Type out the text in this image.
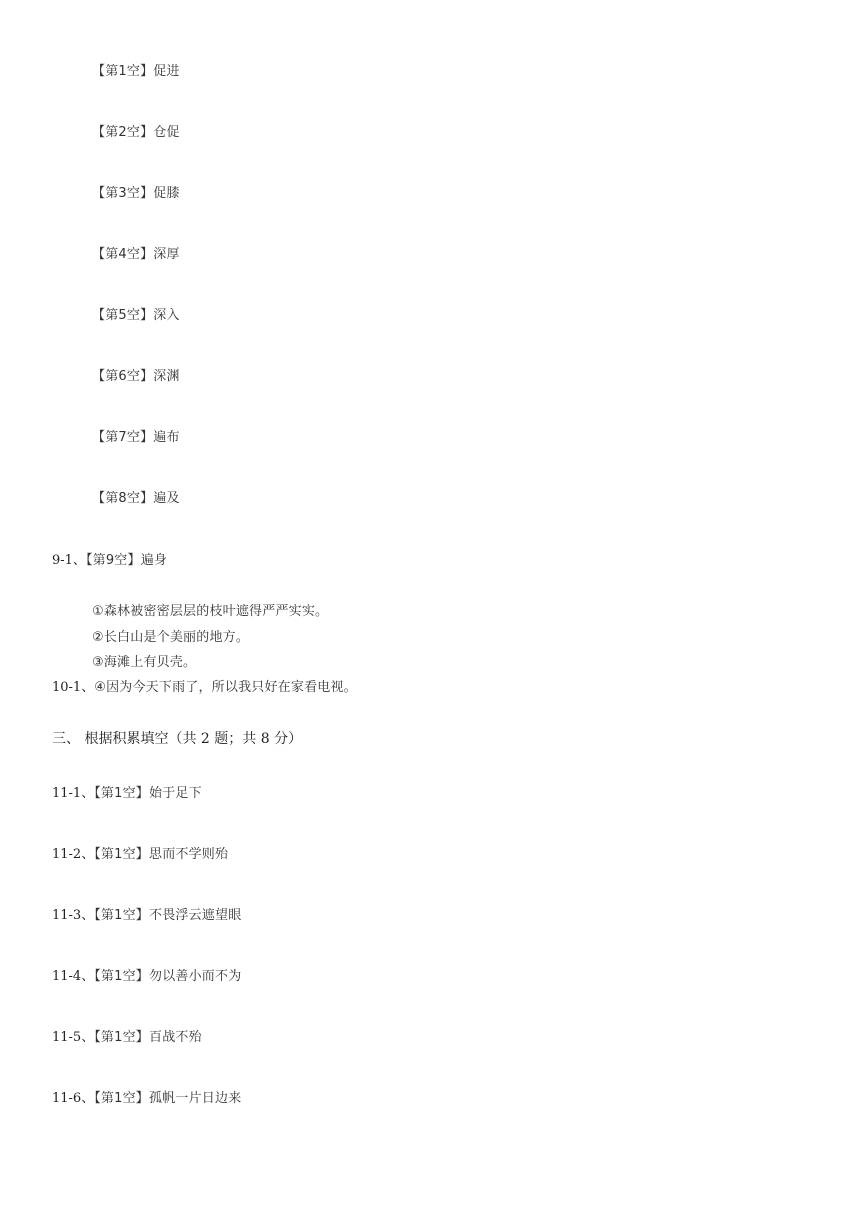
【第1空】促进
【第2空】仓促
【第3空】促膝
【第4空】深厚
【第5空】深入
【第6空】深渊
【第7空】遍布
【第8空】遍及
9-1、【第9空】遍身
①森林被密密层层的枝叶遮得严严实实。
②长白山是个美丽的地方。
③海滩上有贝壳。
10-1、④因为今天下雨了，所以我只好在家看电视。
三、 根据积累填空（共 2 题；共 8 分）
11-1、【第1空】始于足下
11-2、【第1空】思而不学则殆
11-3、【第1空】不畏浮云遮望眼
11-4、【第1空】勿以善小而不为
11-5、【第1空】百战不殆
11-6、【第1空】孤帆一片日边来
